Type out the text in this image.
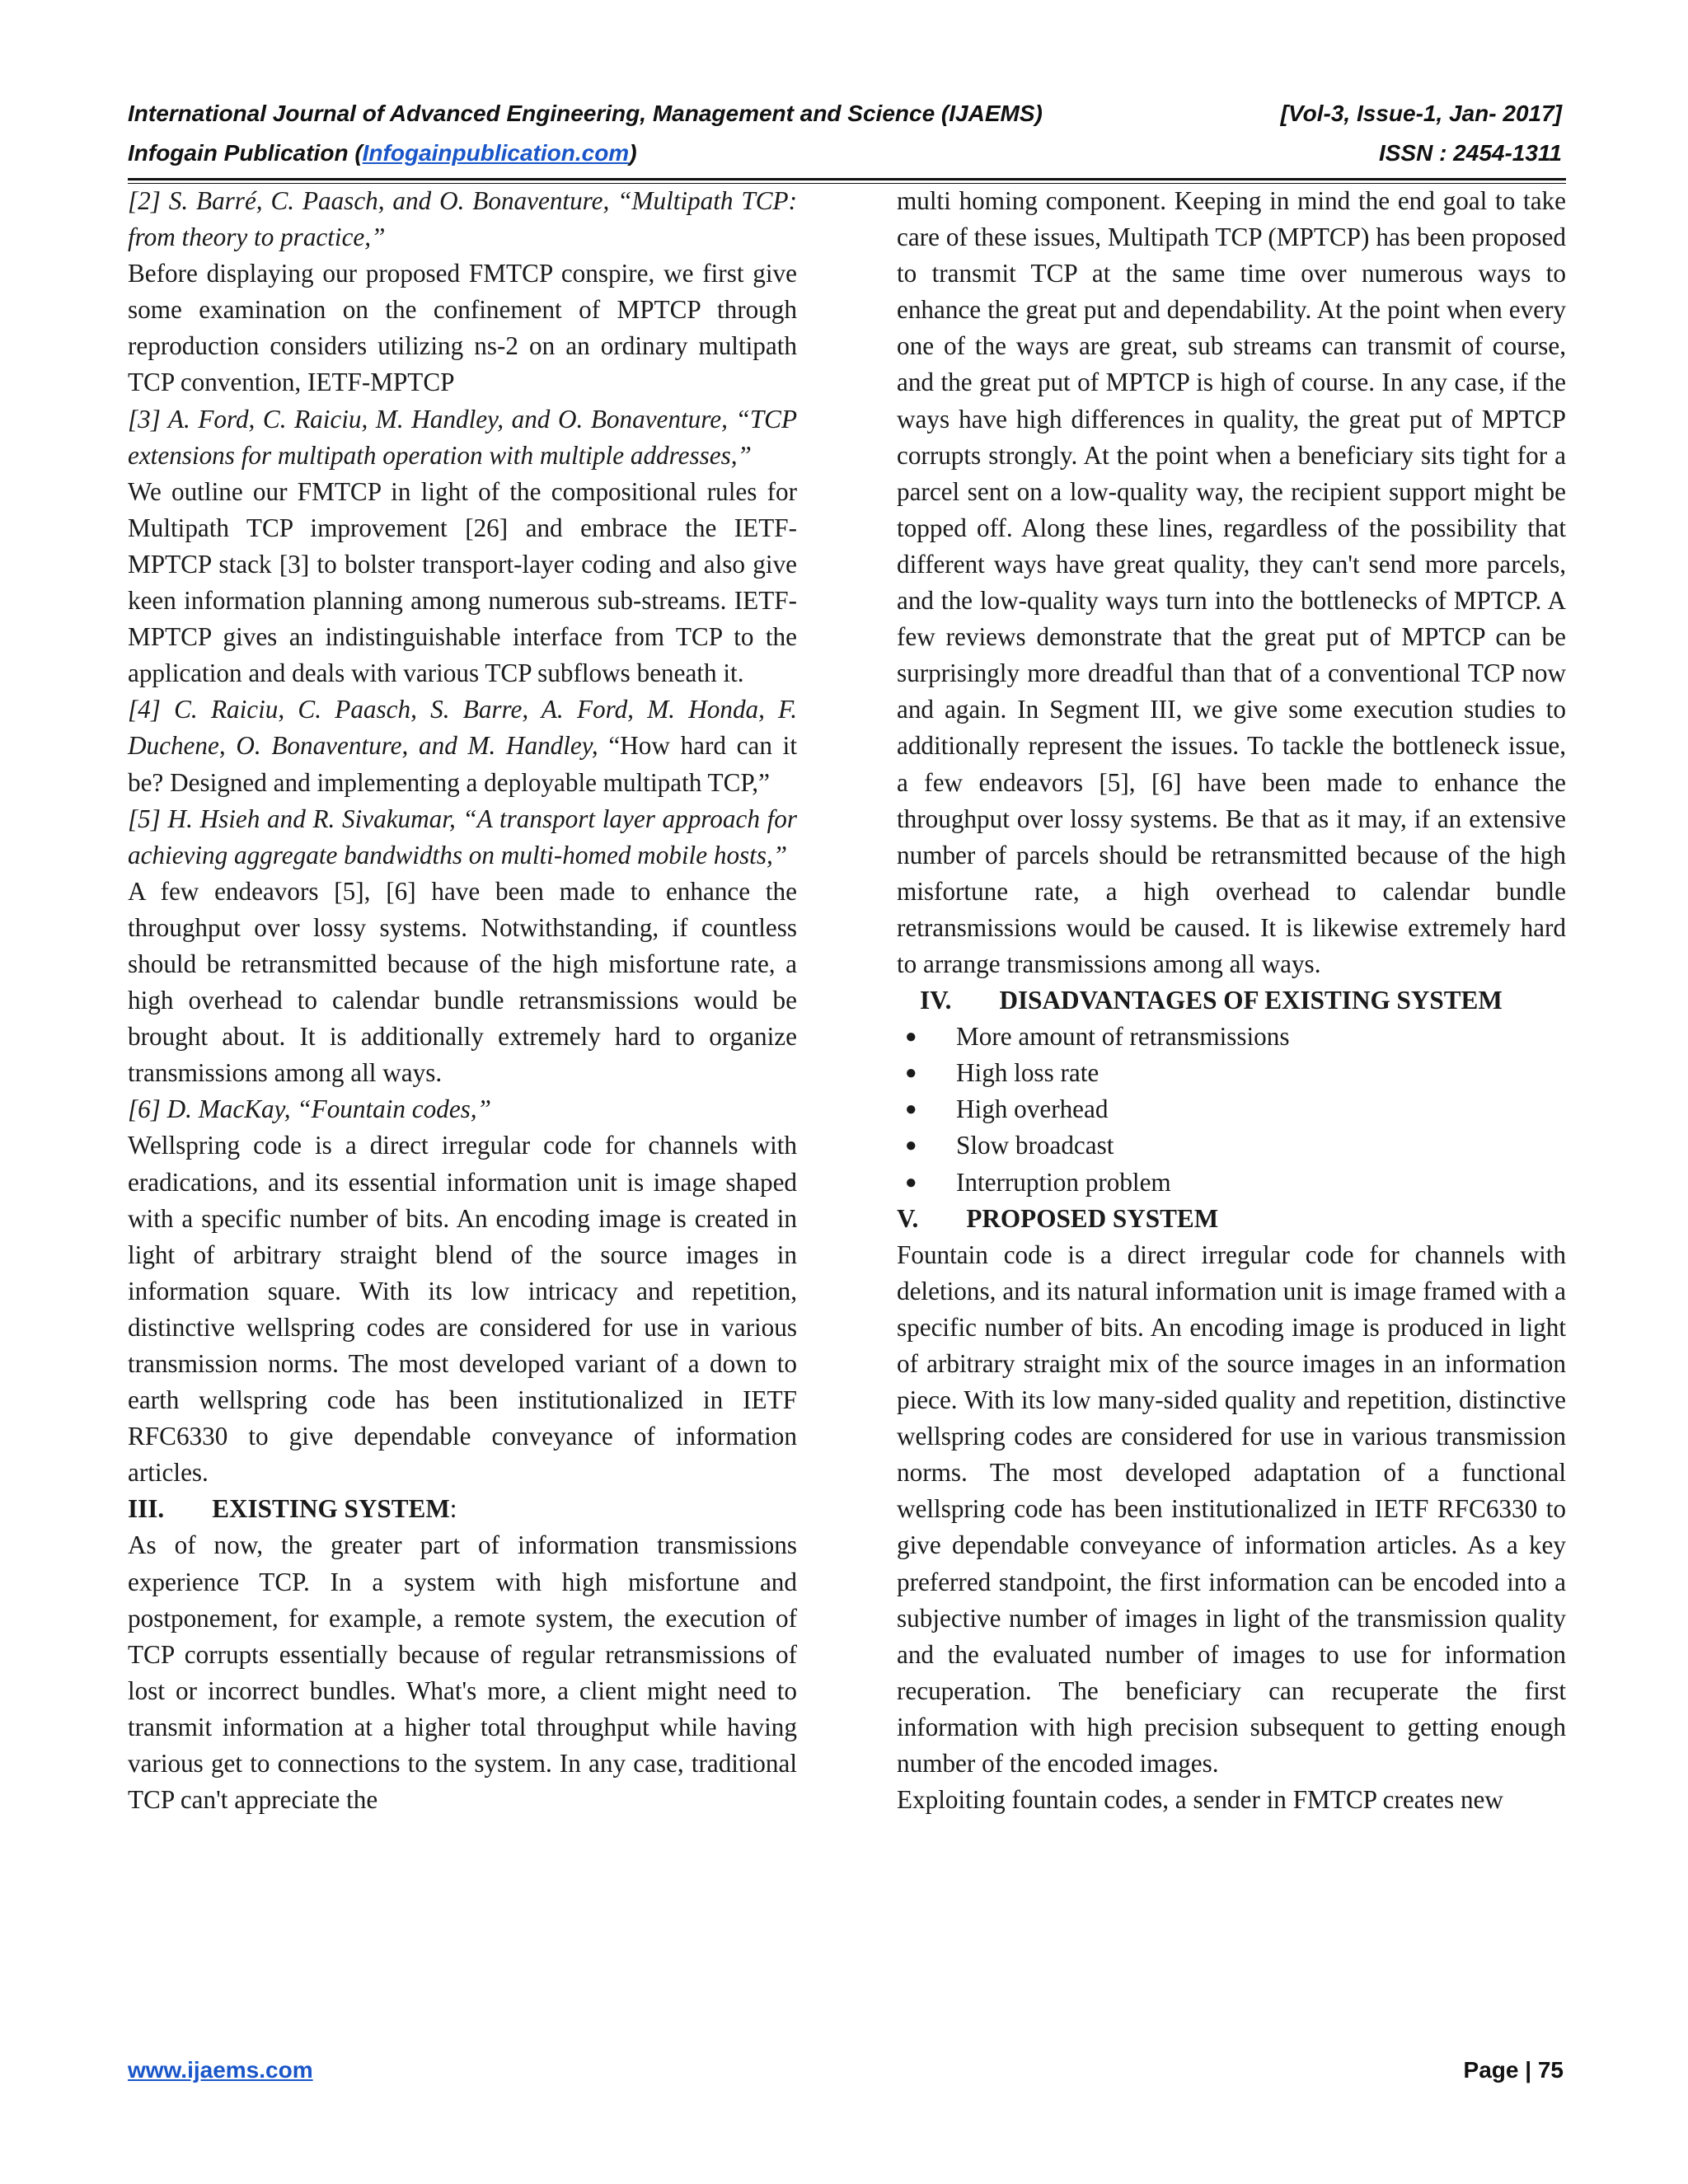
International Journal of Advanced Engineering, Management and Science (IJAEMS)	[Vol-3, Issue-1, Jan- 2017]
Infogain Publication (Infogainpublication.com)	ISSN : 2454-1311

[2] S. Barré, C. Paasch, and O. Bonaventure, “Multipath TCP: from theory to practice,”

Before displaying our proposed FMTCP conspire, we first give some examination on the confinement of MPTCP through reproduction considers utilizing ns-2 on an ordinary multipath TCP convention, IETF-MPTCP

[3] A. Ford, C. Raiciu, M. Handley, and O. Bonaventure, “TCP extensions for multipath operation with multiple addresses,”

We outline our FMTCP in light of the compositional rules for Multipath TCP improvement [26] and embrace the IETF-MPTCP stack [3] to bolster transport-layer coding and also give keen information planning among numerous sub-streams. IETF-MPTCP gives an indistinguishable interface from TCP to the application and deals with various TCP subflows beneath it.

[4] C. Raiciu, C. Paasch, S. Barre, A. Ford, M. Honda, F. Duchene, O. Bonaventure, and M. Handley, “How hard can it be? Designed and implementing a deployable multipath TCP,”

[5] H. Hsieh and R. Sivakumar, “A transport layer approach for achieving aggregate bandwidths on multi-homed mobile hosts,”

A few endeavors [5], [6] have been made to enhance the throughput over lossy systems. Notwithstanding, if countless should be retransmitted because of the high misfortune rate, a high overhead to calendar bundle retransmissions would be brought about. It is additionally extremely hard to organize transmissions among all ways.

[6] D. MacKay, “Fountain codes,”

Wellspring code is a direct irregular code for channels with eradications, and its essential information unit is image shaped with a specific number of bits. An encoding image is created in light of arbitrary straight blend of the source images in information square. With its low intricacy and repetition, distinctive wellspring codes are considered for use in various transmission norms. The most developed variant of a down to earth wellspring code has been institutionalized in IETF RFC6330 to give dependable conveyance of information articles.

III. EXISTING SYSTEM:

As of now, the greater part of information transmissions experience TCP. In a system with high misfortune and postponement, for example, a remote system, the execution of TCP corrupts essentially because of regular retransmissions of lost or incorrect bundles. What's more, a client might need to transmit information at a higher total throughput while having various get to connections to the system. In any case, traditional TCP can't appreciate the

multi homing component. Keeping in mind the end goal to take care of these issues, Multipath TCP (MPTCP) has been proposed to transmit TCP at the same time over numerous ways to enhance the great put and dependability. At the point when every one of the ways are great, sub streams can transmit of course, and the great put of MPTCP is high of course. In any case, if the ways have high differences in quality, the great put of MPTCP corrupts strongly. At the point when a beneficiary sits tight for a parcel sent on a low-quality way, the recipient support might be topped off. Along these lines, regardless of the possibility that different ways have great quality, they can't send more parcels, and the low-quality ways turn into the bottlenecks of MPTCP. A few reviews demonstrate that the great put of MPTCP can be surprisingly more dreadful than that of a conventional TCP now and again. In Segment III, we give some execution studies to additionally represent the issues. To tackle the bottleneck issue, a few endeavors [5], [6] have been made to enhance the throughput over lossy systems. Be that as it may, if an extensive number of parcels should be retransmitted because of the high misfortune rate, a high overhead to calendar bundle retransmissions would be caused. It is likewise extremely hard to arrange transmissions among all ways.

IV. DISADVANTAGES OF EXISTING SYSTEM

● More amount of retransmissions
● High loss rate
● High overhead
● Slow broadcast
● Interruption problem

V. PROPOSED SYSTEM

Fountain code is a direct irregular code for channels with deletions, and its natural information unit is image framed with a specific number of bits. An encoding image is produced in light of arbitrary straight mix of the source images in an information piece. With its low many-sided quality and repetition, distinctive wellspring codes are considered for use in various transmission norms. The most developed adaptation of a functional wellspring code has been institutionalized in IETF RFC6330 to give dependable conveyance of information articles. As a key preferred standpoint, the first information can be encoded into a subjective number of images in light of the transmission quality and the evaluated number of images to use for information recuperation. The beneficiary can recuperate the first information with high precision subsequent to getting enough number of the encoded images.

Exploiting fountain codes, a sender in FMTCP creates new

www.ijaems.com	Page | 75
